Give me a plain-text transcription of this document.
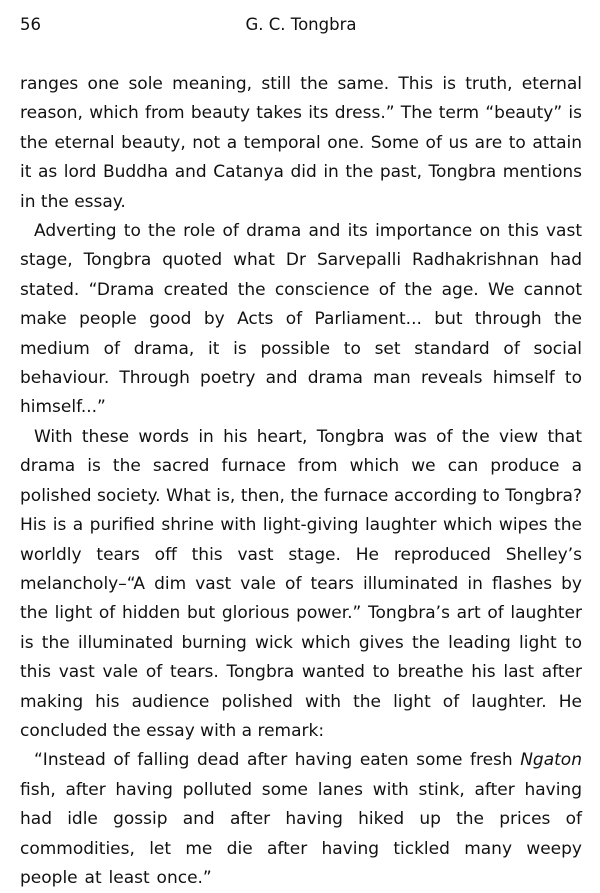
56	G. C. Tongbra

ranges one sole meaning, still the same. This is truth, eternal reason, which from beauty takes its dress.” The term “beauty” is the eternal beauty, not a temporal one. Some of us are to attain it as lord Buddha and Catanya did in the past, Tongbra mentions in the essay.

Adverting to the role of drama and its importance on this vast stage, Tongbra quoted what Dr Sarvepalli Radhakrishnan had stated. “Drama created the conscience of the age. We cannot make people good by Acts of Parliament... but through the medium of drama, it is possible to set standard of social behaviour. Through poetry and drama man reveals himself to himself...”

With these words in his heart, Tongbra was of the view that drama is the sacred furnace from which we can produce a polished society. What is, then, the furnace according to Tongbra? His is a purified shrine with light-giving laughter which wipes the worldly tears off this vast stage. He reproduced Shelley’s melancholy–“A dim vast vale of tears illuminated in flashes by the light of hidden but glorious power.” Tongbra’s art of laughter is the illuminated burning wick which gives the leading light to this vast vale of tears. Tongbra wanted to breathe his last after making his audience polished with the light of laughter. He concluded the essay with a remark:

“Instead of falling dead after having eaten some fresh Ngaton fish, after having polluted some lanes with stink, after having had idle gossip and after having hiked up the prices of commodities, let me die after having tickled many weepy people at least once.”
